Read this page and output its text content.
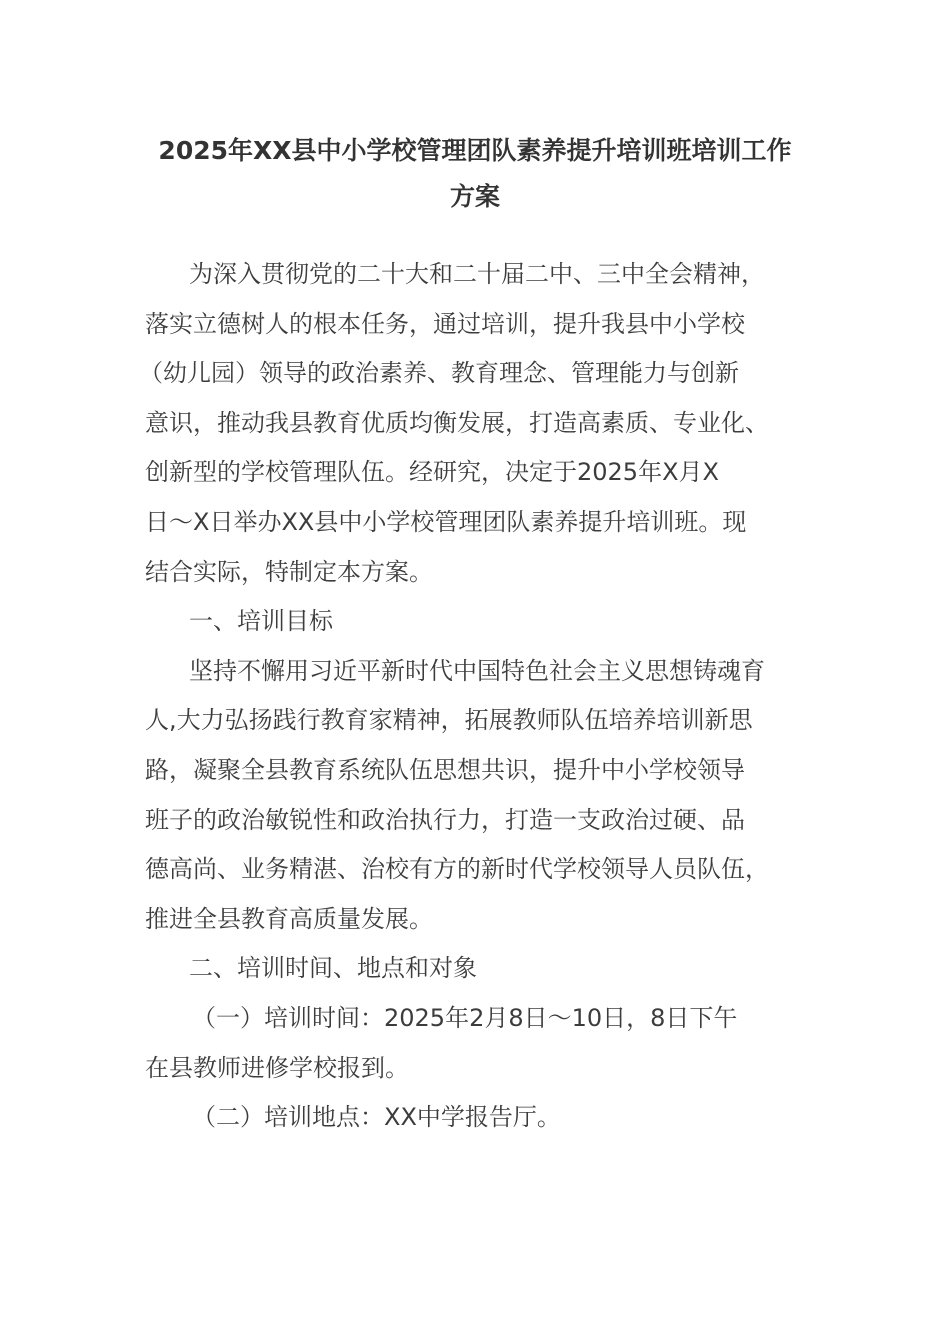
2025年XX县中小学校管理团队素养提升培训班培训工作
方案
为深入贯彻党的二十大和二十届二中、三中全会精神，
落实立德树人的根本任务，通过培训，提升我县中小学校
（幼儿园）领导的政治素养、教育理念、管理能力与创新
意识，推动我县教育优质均衡发展，打造高素质、专业化、
创新型的学校管理队伍。经研究，决定于2025年X月X
日～X日举办XX县中小学校管理团队素养提升培训班。现
结合实际，特制定本方案。
一、培训目标
坚持不懈用习近平新时代中国特色社会主义思想铸魂育
人,大力弘扬践行教育家精神，拓展教师队伍培养培训新思
路，凝聚全县教育系统队伍思想共识，提升中小学校领导
班子的政治敏锐性和政治执行力，打造一支政治过硬、品
德高尚、业务精湛、治校有方的新时代学校领导人员队伍，
推进全县教育高质量发展。
二、培训时间、地点和对象
（一）培训时间：2025年2月8日～10日，8日下午
在县教师进修学校报到。
（二）培训地点：XX中学报告厅。
